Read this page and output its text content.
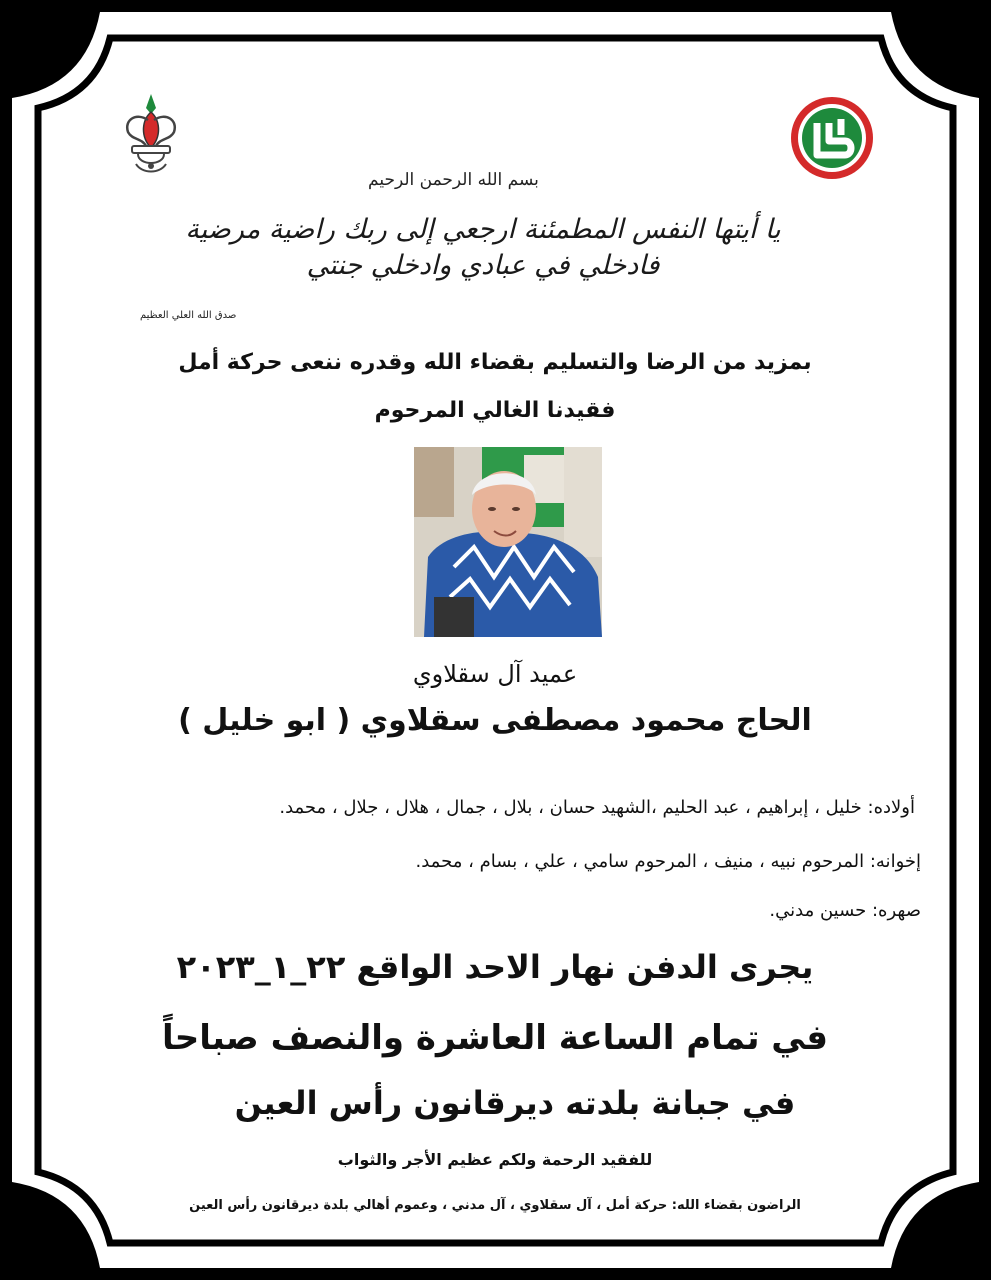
بسم الله الرحمن الرحيم
يا أيتها النفس المطمئنة ارجعي إلى ربك راضية مرضية فادخلي في عبادي وادخلي جنتي
صدق الله العلي العظيم
بمزيد من الرضا والتسليم بقضاء الله وقدره ننعى حركة أمل
فقيدنا الغالي المرحوم
عميد آل سقلاوي
الحاج محمود مصطفى سقلاوي ( ابو خليل )
أولاده: خليل ، إبراهيم ، عبد الحليم ،الشهيد حسان ، بلال ، جمال ، هلال ، جلال ، محمد.
إخوانه: المرحوم نبيه ، منيف ، المرحوم سامي ، علي ، بسام ، محمد.
صهره: حسين مدني.
يجرى الدفن نهار الاحد الواقع ٢٢_١_٢٠٢٣
في تمام الساعة العاشرة والنصف صباحاً
في جبانة بلدته ديرقانون رأس العين
للفقيد الرحمة ولكم عظيم الأجر والثواب
الراضون بقضاء الله: حركة أمل ، آل سقلاوي ، آل مدني ، وعموم أهالي بلدة ديرقانون رأس العين
